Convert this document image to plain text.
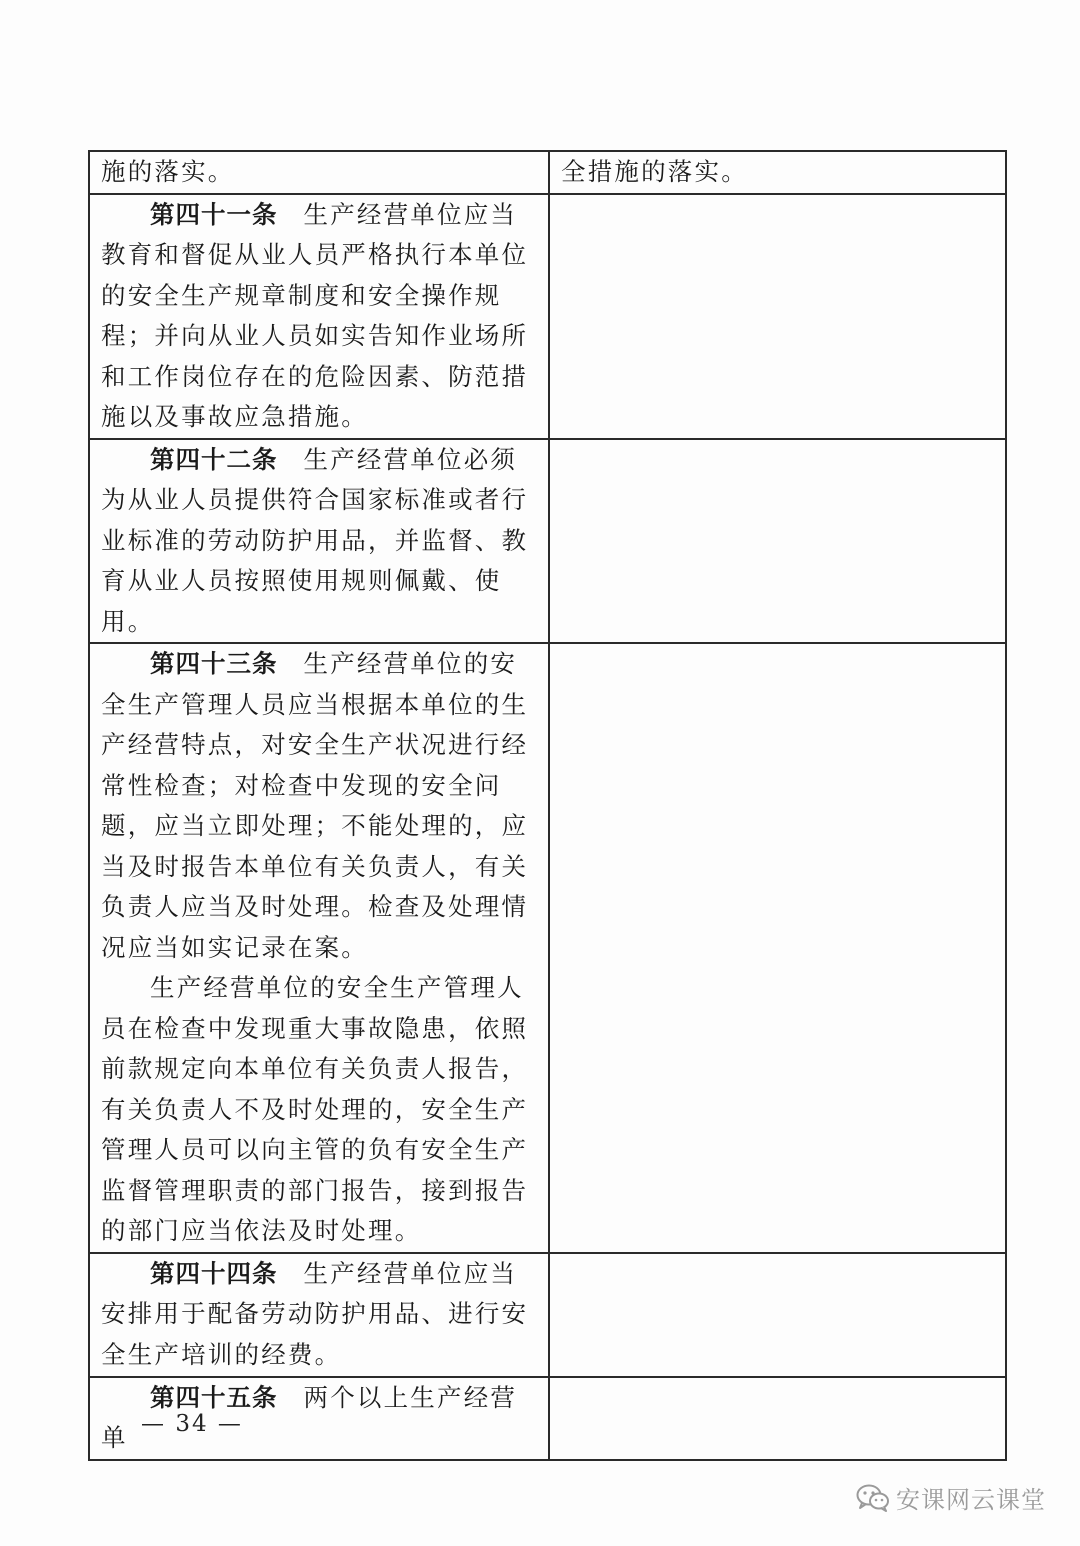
施的落实。	全措施的落实。

第四十一条 生产经营单位应当教育和督促从业人员严格执行本单位的安全生产规章制度和安全操作规程；并向从业人员如实告知作业场所和工作岗位存在的危险因素、防范措施以及事故应急措施。	

第四十二条 生产经营单位必须为从业人员提供符合国家标准或者行业标准的劳动防护用品，并监督、教育从业人员按照使用规则佩戴、使用。	

第四十三条 生产经营单位的安全生产管理人员应当根据本单位的生产经营特点，对安全生产状况进行经常性检查；对检查中发现的安全问题，应当立即处理；不能处理的，应当及时报告本单位有关负责人，有关负责人应当及时处理。检查及处理情况应当如实记录在案。

生产经营单位的安全生产管理人员在检查中发现重大事故隐患，依照前款规定向本单位有关负责人报告，有关负责人不及时处理的，安全生产管理人员可以向主管的负有安全生产监督管理职责的部门报告，接到报告的部门应当依法及时处理。	

第四十四条 生产经营单位应当安排用于配备劳动防护用品、进行安全生产培训的经费。	

第四十五条 两个以上生产经营单	

	— 34 —
安课网云课堂
